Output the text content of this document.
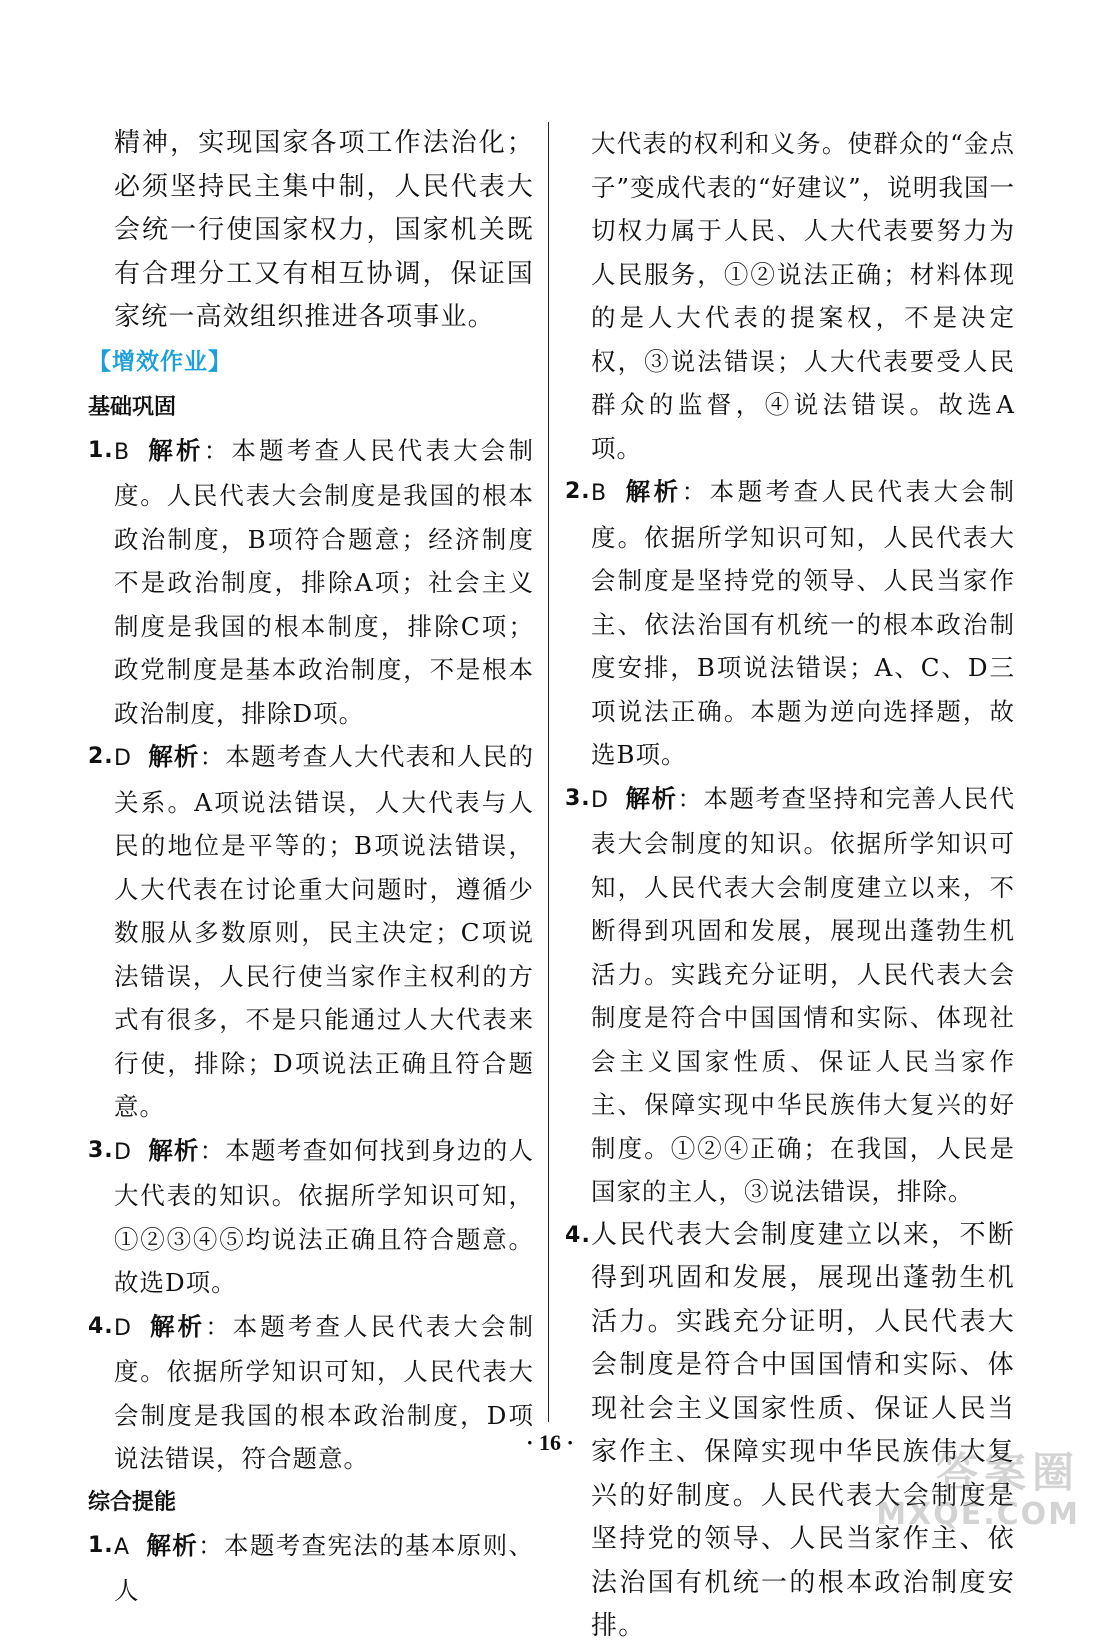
精神，实现国家各项工作法治化；必须坚持民主集中制，人民代表大会统一行使国家权力，国家机关既有合理分工又有相互协调，保证国家统一高效组织推进各项事业。

【增效作业】

基础巩固

1. B 解析：本题考查人民代表大会制度。人民代表大会制度是我国的根本政治制度，B项符合题意；经济制度不是政治制度，排除A项；社会主义制度是我国的根本制度，排除C项；政党制度是基本政治制度，不是根本政治制度，排除D项。
2. D 解析：本题考查人大代表和人民的关系。A项说法错误，人大代表与人民的地位是平等的；B项说法错误，人大代表在讨论重大问题时，遵循少数服从多数原则，民主决定；C项说法错误，人民行使当家作主权利的方式有很多，不是只能通过人大代表来行使，排除；D项说法正确且符合题意。
3. D 解析：本题考查如何找到身边的人大代表的知识。依据所学知识可知，①②③④⑤均说法正确且符合题意。故选D项。
4. D 解析：本题考查人民代表大会制度。依据所学知识可知，人民代表大会制度是我国的根本政治制度，D项说法错误，符合题意。

综合提能

1. A 解析：本题考查宪法的基本原则、人

大代表的权利和义务。使群众的“金点子”变成代表的“好建议”，说明我国一切权力属于人民、人大代表要努力为人民服务，①②说法正确；材料体现的是人大代表的提案权，不是决定权，③说法错误；人大代表要受人民群众的监督，④说法错误。故选A项。

2. B 解析：本题考查人民代表大会制度。依据所学知识可知，人民代表大会制度是坚持党的领导、人民当家作主、依法治国有机统一的根本政治制度安排，B项说法错误；A、C、D三项说法正确。本题为逆向选择题，故选B项。
3. D 解析：本题考查坚持和完善人民代表大会制度的知识。依据所学知识可知，人民代表大会制度建立以来，不断得到巩固和发展，展现出蓬勃生机活力。实践充分证明，人民代表大会制度是符合中国国情和实际、体现社会主义国家性质、保证人民当家作主、保障实现中华民族伟大复兴的好制度。①②④正确；在我国，人民是国家的主人，③说法错误，排除。
4. 人民代表大会制度建立以来，不断得到巩固和发展，展现出蓬勃生机活力。实践充分证明，人民代表大会制度是符合中国国情和实际、体现社会主义国家性质、保证人民当家作主、保障实现中华民族伟大复兴的好制度。人民代表大会制度是坚持党的领导、人民当家作主、依法治国有机统一的根本政治制度安排。
· 16 ·
答案圈
MXQE.COM
